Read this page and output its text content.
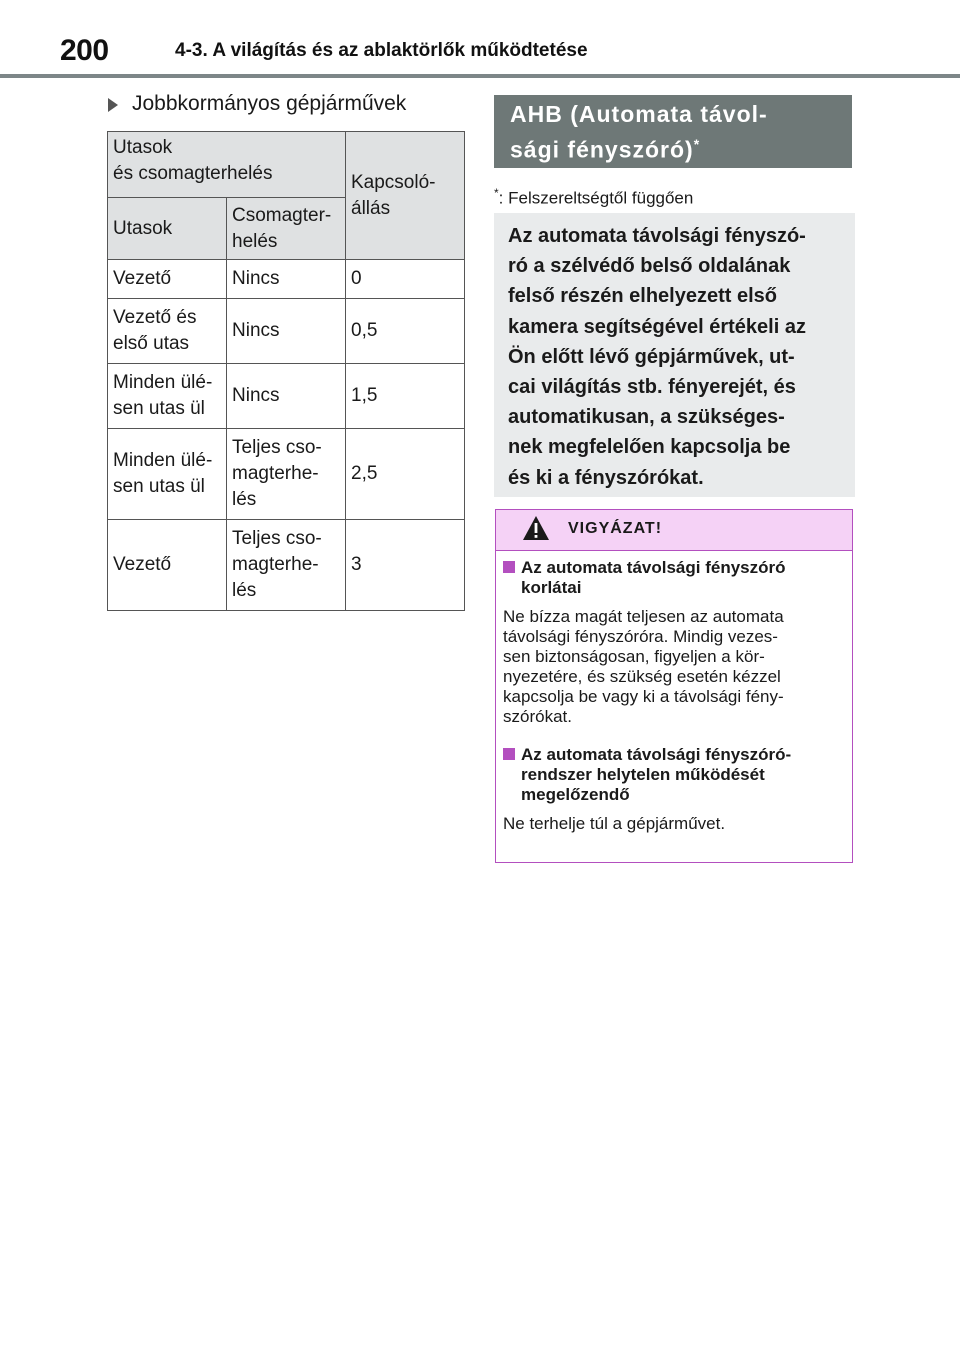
200	4-3. A világítás és az ablaktörlők működtetése
Jobbkormányos gépjárművek
Utasok
és csomagterhelés		Kapcsoló-
állás
Utasok	Csomagter-
helés	
Vezető	Nincs	0
Vezető és
első utas	Nincs	0,5
Minden ülé-
sen utas ül	Nincs	1,5
Minden ülé-
sen utas ül	Teljes cso-
magterhe-
lés	2,5
Vezető	Teljes cso-
magterhe-
lés	3
AHB (Automata távol-
sági fényszóró)*
*: Felszereltségtől függően
Az automata távolsági fényszó-
ró a szélvédő belső oldalának
felső részén elhelyezett első
kamera segítségével értékeli az
Ön előtt lévő gépjárművek, ut-
cai világítás stb. fényerejét, és
automatikusan, a szükséges-
nek megfelelően kapcsolja be
és ki a fényszórókat.
VIGYÁZAT!
Az automata távolsági fényszóró
korlátai
Ne bízza magát teljesen az automata
távolsági fényszóróra. Mindig vezes-
sen biztonságosan, figyeljen a kör-
nyezetére, és szükség esetén kézzel
kapcsolja be vagy ki a távolsági fény-
szórókat.
Az automata távolsági fényszóró-
rendszer helytelen működését
megelőzendő
Ne terhelje túl a gépjárművet.
